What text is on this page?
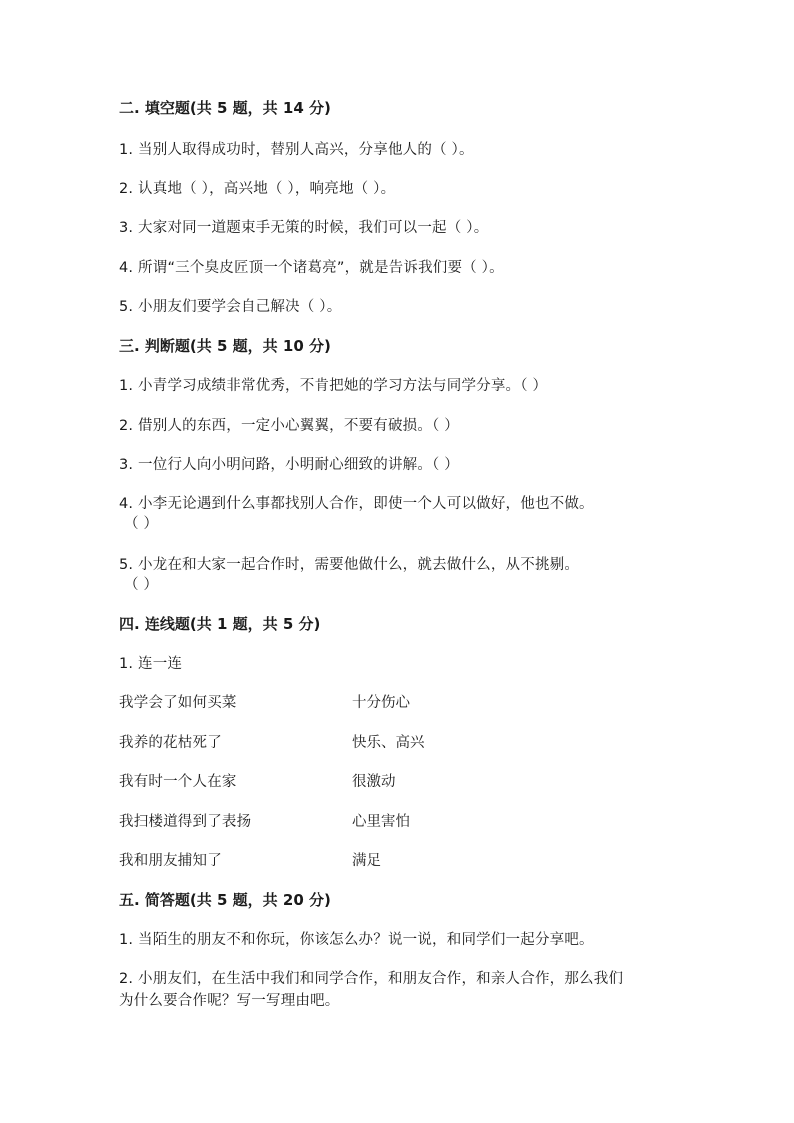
二. 填空题(共 5 题，共 14 分)
1. 当别人取得成功时，替别人高兴，分享他人的（ ）。
2. 认真地（ ），高兴地（ ），响亮地（ ）。
3. 大家对同一道题束手无策的时候，我们可以一起（ ）。
4. 所谓“三个臭皮匠顶一个诸葛亮”，就是告诉我们要（ ）。
5. 小朋友们要学会自己解决（ ）。
三. 判断题(共 5 题，共 10 分)
1. 小青学习成绩非常优秀，不肯把她的学习方法与同学分享。（ ）
2. 借别人的东西，一定小心翼翼，不要有破损。（ ）
3. 一位行人向小明问路，小明耐心细致的讲解。（ ）
4. 小李无论遇到什么事都找别人合作，即使一个人可以做好，他也不做。
（ ）
5. 小龙在和大家一起合作时，需要他做什么，就去做什么，从不挑剔。
（ ）
四. 连线题(共 1 题，共 5 分)
1. 连一连
我学会了如何买菜	十分伤心
我养的花枯死了	快乐、高兴
我有时一个人在家	很激动
我扫楼道得到了表扬	心里害怕
我和朋友捕知了	满足
五. 简答题(共 5 题，共 20 分)
1. 当陌生的朋友不和你玩，你该怎么办？说一说，和同学们一起分享吧。
2. 小朋友们，在生活中我们和同学合作，和朋友合作，和亲人合作，那么我们
为什么要合作呢？写一写理由吧。
